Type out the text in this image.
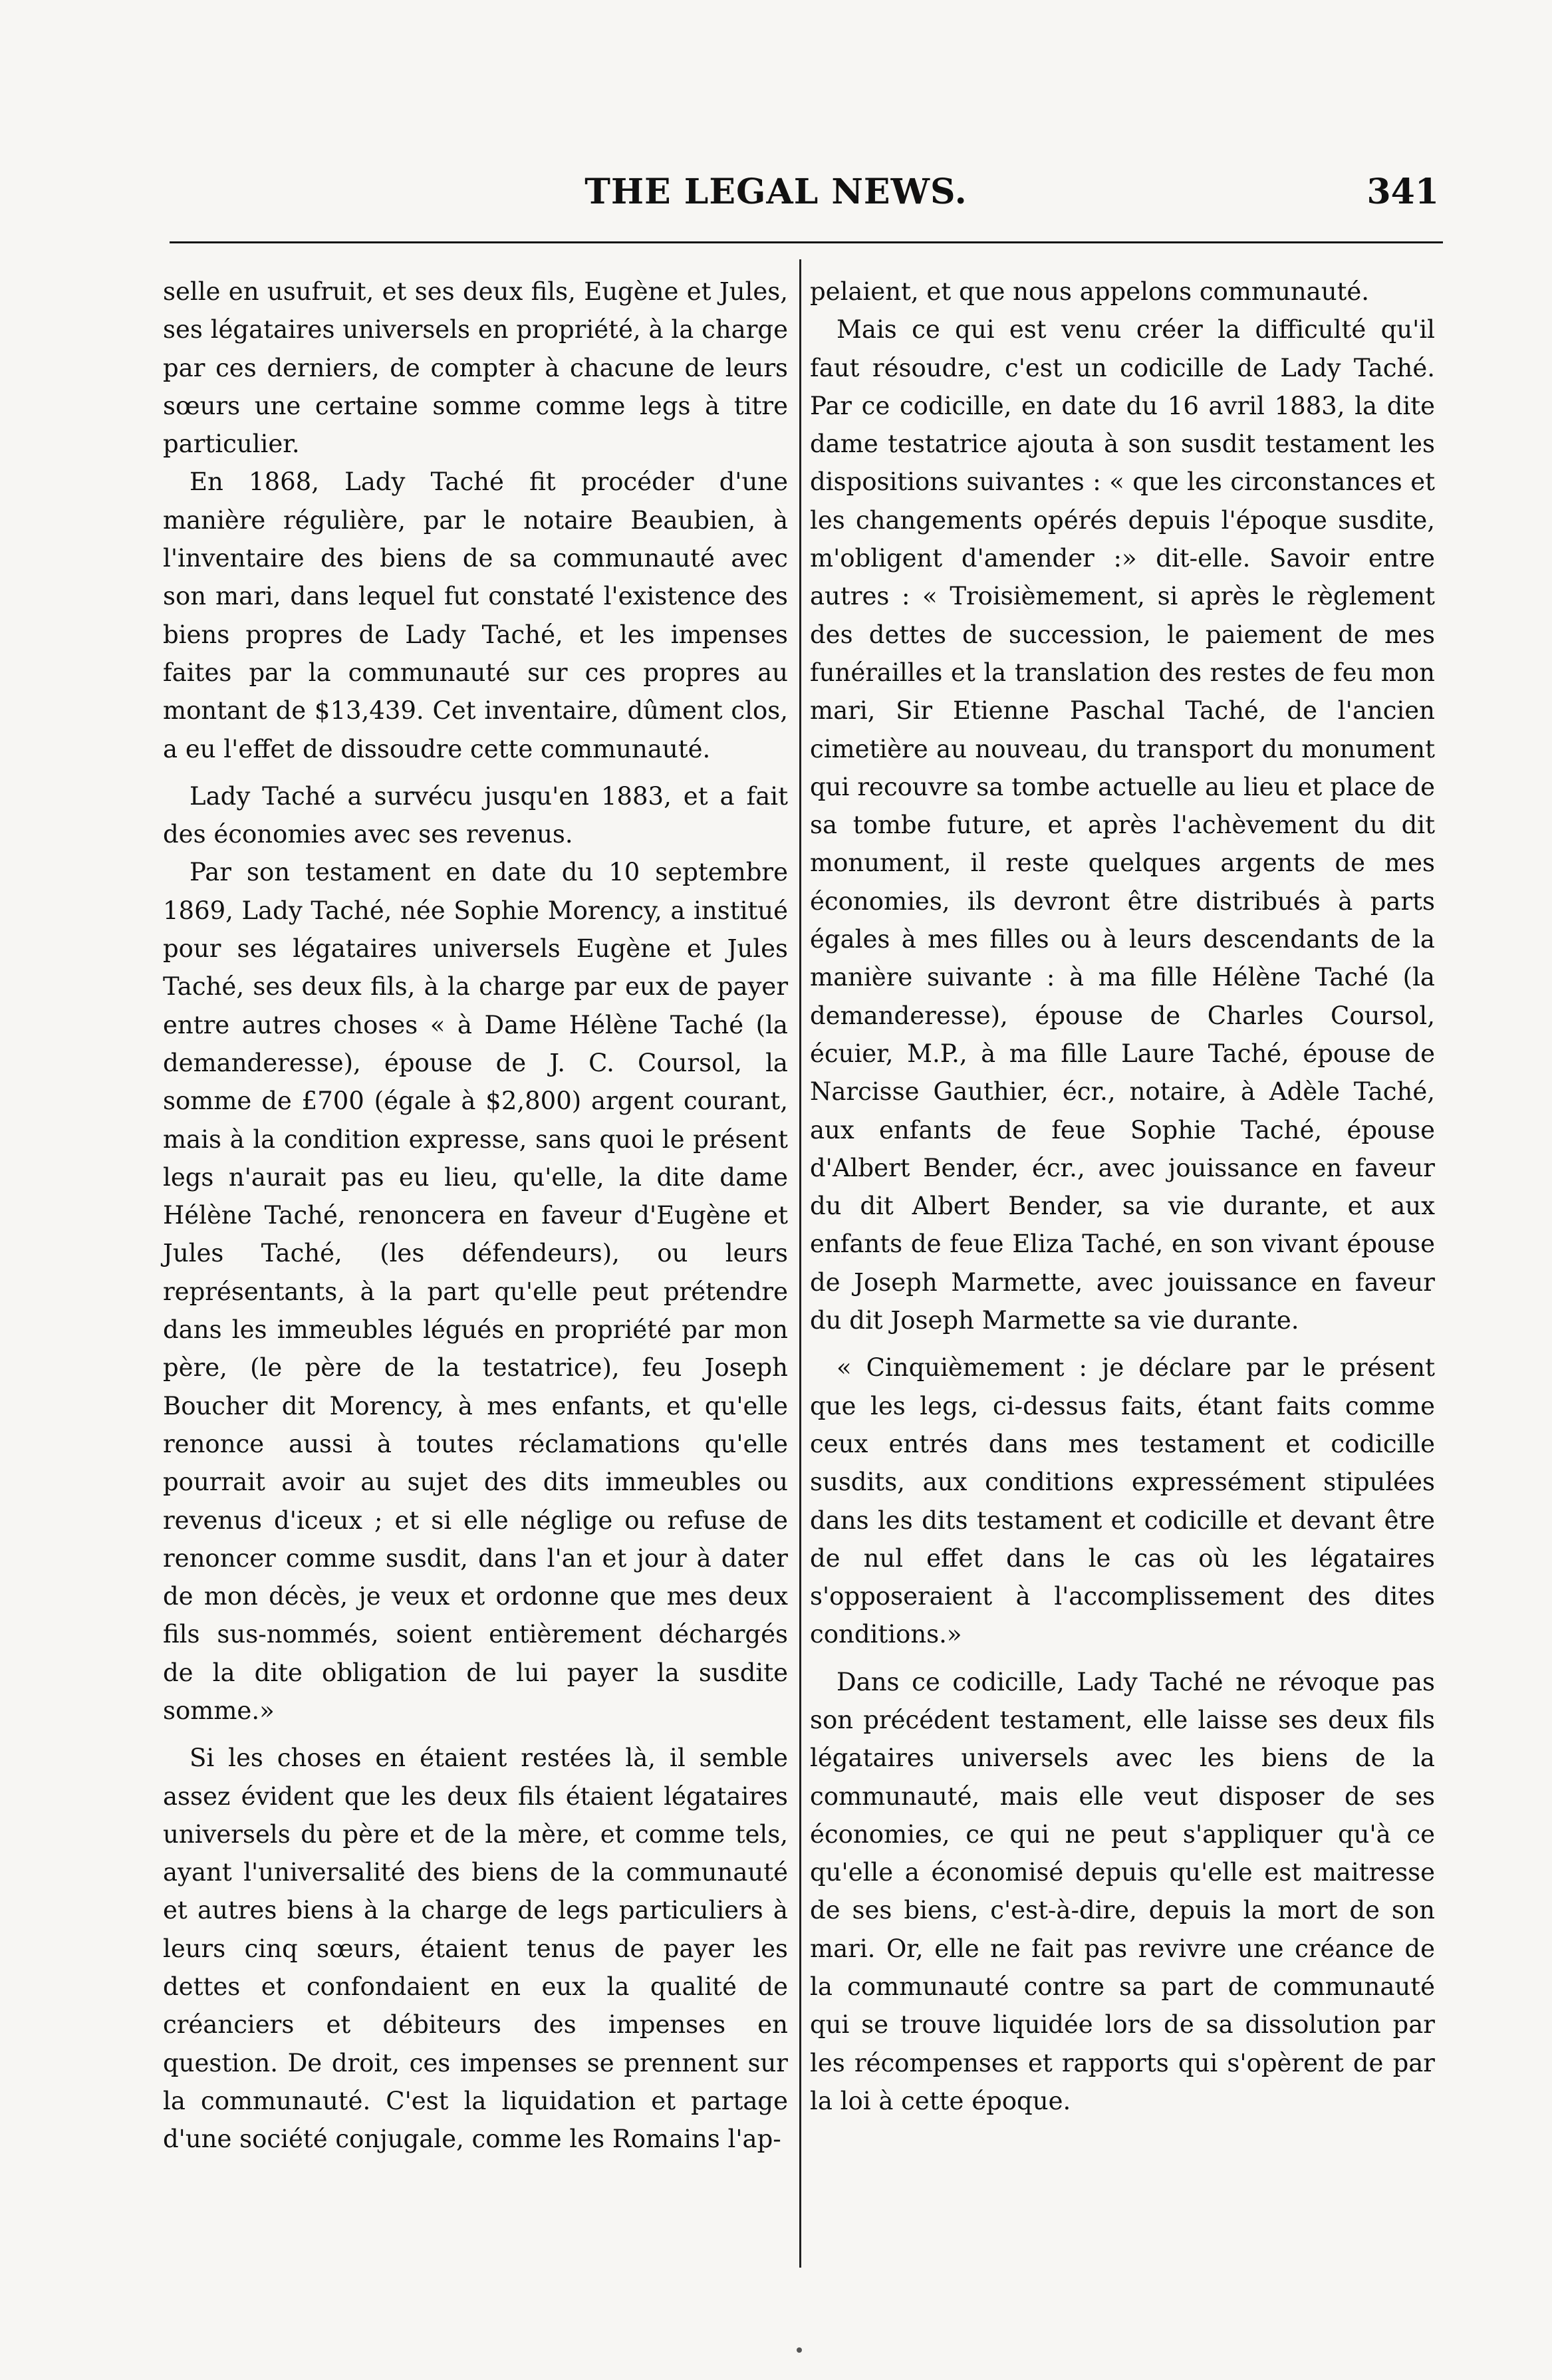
THE LEGAL NEWS.	341

selle en usufruit, et ses deux fils, Eugène et Jules, ses légataires universels en propriété, à la charge par ces derniers, de compter à chacune de leurs sœurs une certaine somme comme legs à titre particulier.

En 1868, Lady Taché fit procéder d'une manière régulière, par le notaire Beaubien, à l'inventaire des biens de sa communauté avec son mari, dans lequel fut constaté l'existence des biens propres de Lady Taché, et les impenses faites par la communauté sur ces propres au montant de $13,439. Cet inventaire, dûment clos, a eu l'effet de dissoudre cette communauté.

Lady Taché a survécu jusqu'en 1883, et a fait des économies avec ses revenus.

Par son testament en date du 10 septembre 1869, Lady Taché, née Sophie Morency, a institué pour ses légataires universels Eugène et Jules Taché, ses deux fils, à la charge par eux de payer entre autres choses « à Dame Hélène Taché (la demanderesse), épouse de J. C. Coursol, la somme de £700 (égale à $2,800) argent courant, mais à la condition expresse, sans quoi le présent legs n'aurait pas eu lieu, qu'elle, la dite dame Hélène Taché, renoncera en faveur d'Eugène et Jules Taché, (les défendeurs), ou leurs représentants, à la part qu'elle peut prétendre dans les immeubles légués en propriété par mon père, (le père de la testatrice), feu Joseph Boucher dit Morency, à mes enfants, et qu'elle renonce aussi à toutes réclamations qu'elle pourrait avoir au sujet des dits immeubles ou revenus d'iceux ; et si elle néglige ou refuse de renoncer comme susdit, dans l'an et jour à dater de mon décès, je veux et ordonne que mes deux fils sus-nommés, soient entièrement déchargés de la dite obligation de lui payer la susdite somme.»

Si les choses en étaient restées là, il semble assez évident que les deux fils étaient légataires universels du père et de la mère, et comme tels, ayant l'universalité des biens de la communauté et autres biens à la charge de legs particuliers à leurs cinq sœurs, étaient tenus de payer les dettes et confondaient en eux la qualité de créanciers et débiteurs des impenses en question. De droit, ces impenses se prennent sur la communauté. C'est la liquidation et partage d'une société conjugale, comme les Romains l'ap-

pelaient, et que nous appelons communauté.

Mais ce qui est venu créer la difficulté qu'il faut résoudre, c'est un codicille de Lady Taché. Par ce codicille, en date du 16 avril 1883, la dite dame testatrice ajouta à son susdit testament les dispositions suivantes : « que les circonstances et les changements opérés depuis l'époque susdite, m'obligent d'amender :» dit-elle. Savoir entre autres : « Troisièmement, si après le règlement des dettes de succession, le paiement de mes funérailles et la translation des restes de feu mon mari, Sir Etienne Paschal Taché, de l'ancien cimetière au nouveau, du transport du monument qui recouvre sa tombe actuelle au lieu et place de sa tombe future, et après l'achèvement du dit monument, il reste quelques argents de mes économies, ils devront être distribués à parts égales à mes filles ou à leurs descendants de la manière suivante : à ma fille Hélène Taché (la demanderesse), épouse de Charles Coursol, écuier, M.P., à ma fille Laure Taché, épouse de Narcisse Gauthier, écr., notaire, à Adèle Taché, aux enfants de feue Sophie Taché, épouse d'Albert Bender, écr., avec jouissance en faveur du dit Albert Bender, sa vie durante, et aux enfants de feue Eliza Taché, en son vivant épouse de Joseph Marmette, avec jouissance en faveur du dit Joseph Marmette sa vie durante.

« Cinquièmement : je déclare par le présent que les legs, ci-dessus faits, étant faits comme ceux entrés dans mes testament et codicille susdits, aux conditions expressément stipulées dans les dits testament et codicille et devant être de nul effet dans le cas où les légataires s'opposeraient à l'accomplissement des dites conditions.»

Dans ce codicille, Lady Taché ne révoque pas son précédent testament, elle laisse ses deux fils légataires universels avec les biens de la communauté, mais elle veut disposer de ses économies, ce qui ne peut s'appliquer qu'à ce qu'elle a économisé depuis qu'elle est maitresse de ses biens, c'est-à-dire, depuis la mort de son mari. Or, elle ne fait pas revivre une créance de la communauté contre sa part de communauté qui se trouve liquidée lors de sa dissolution par les récompenses et rapports qui s'opèrent de par la loi à cette époque.
